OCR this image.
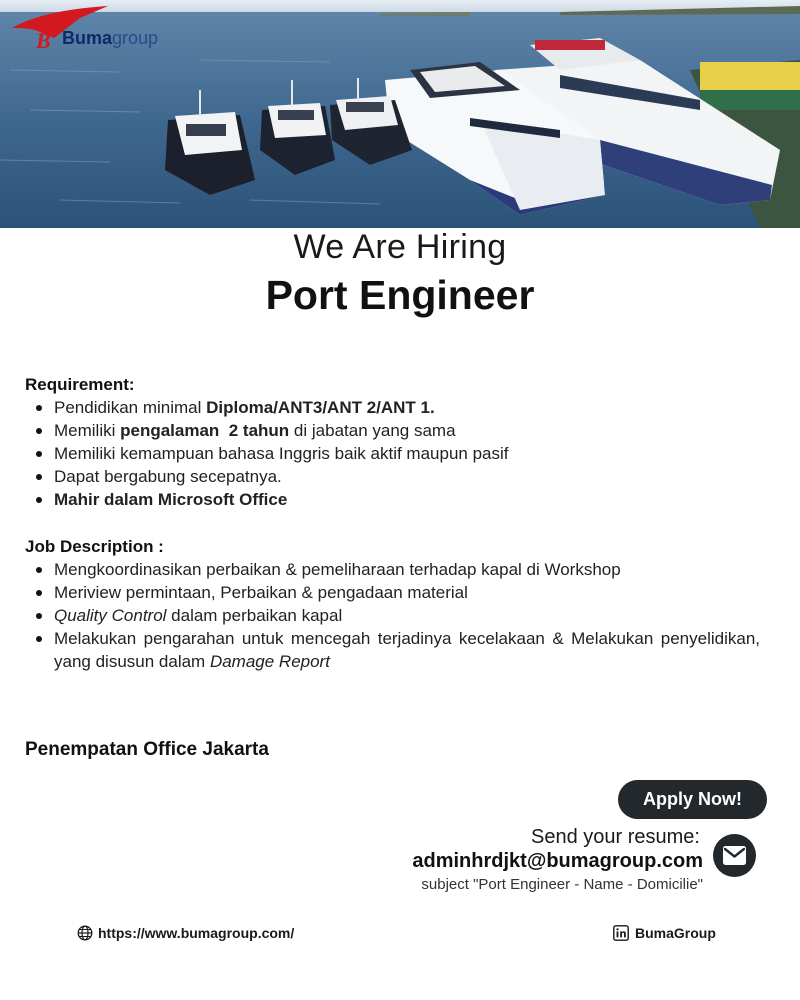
B Bumagroup
We Are Hiring
Port Engineer
Requirement:
Pendidikan minimal Diploma/ANT3/ANT 2/ANT 1.
Memiliki pengalaman  2 tahun di jabatan yang sama
Memiliki kemampuan bahasa Inggris baik aktif maupun pasif
Dapat bergabung secepatnya.
Mahir dalam Microsoft Office
Job Description :
Mengkoordinasikan perbaikan & pemeliharaan terhadap kapal di Workshop
Meriview permintaan, Perbaikan & pengadaan material
Quality Control dalam perbaikan kapal
Melakukan pengarahan untuk mencegah terjadinya kecelakaan & Melakukan penyelidikan, yang disusun dalam Damage Report
Penempatan Office Jakarta
Apply Now!
Send your resume:
adminhrdjkt@bumagroup.com
subject "Port Engineer - Name - Domicilie"
https://www.bumagroup.com/	BumaGroup
